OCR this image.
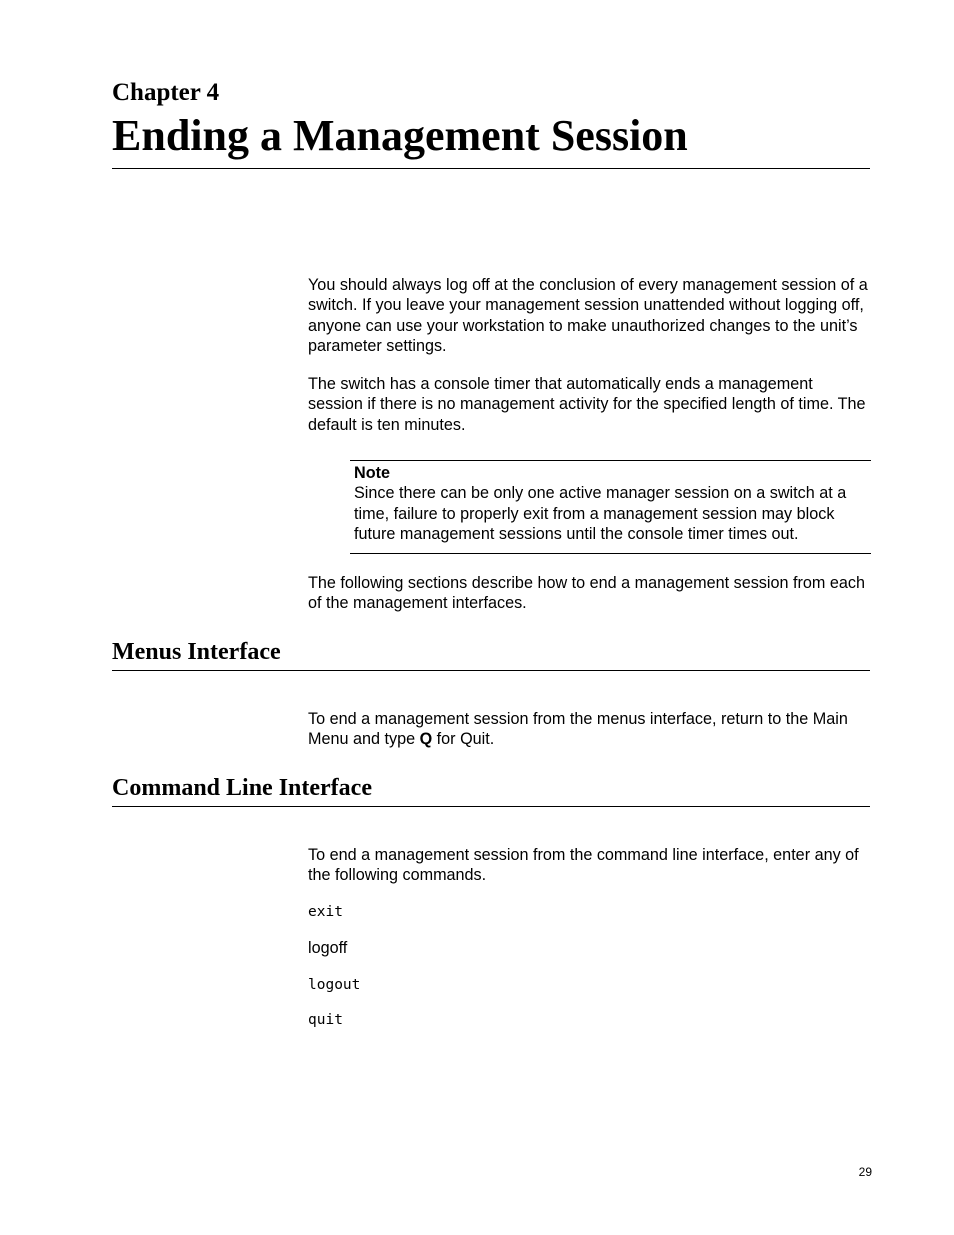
Chapter 4
Ending a Management Session

You should always log off at the conclusion of every management session of a switch. If you leave your management session unattended without logging off, anyone can use your workstation to make unauthorized changes to the unit’s parameter settings.

The switch has a console timer that automatically ends a management session if there is no management activity for the specified length of time. The default is ten minutes.

Note
Since there can be only one active manager session on a switch at a time, failure to properly exit from a management session may block future management sessions until the console timer times out.

The following sections describe how to end a management session from each of the management interfaces.

Menus Interface

To end a management session from the menus interface, return to the Main Menu and type Q for Quit.

Command Line Interface

To end a management session from the command line interface, enter any of the following commands.

exit
logoff
logout
quit
29
